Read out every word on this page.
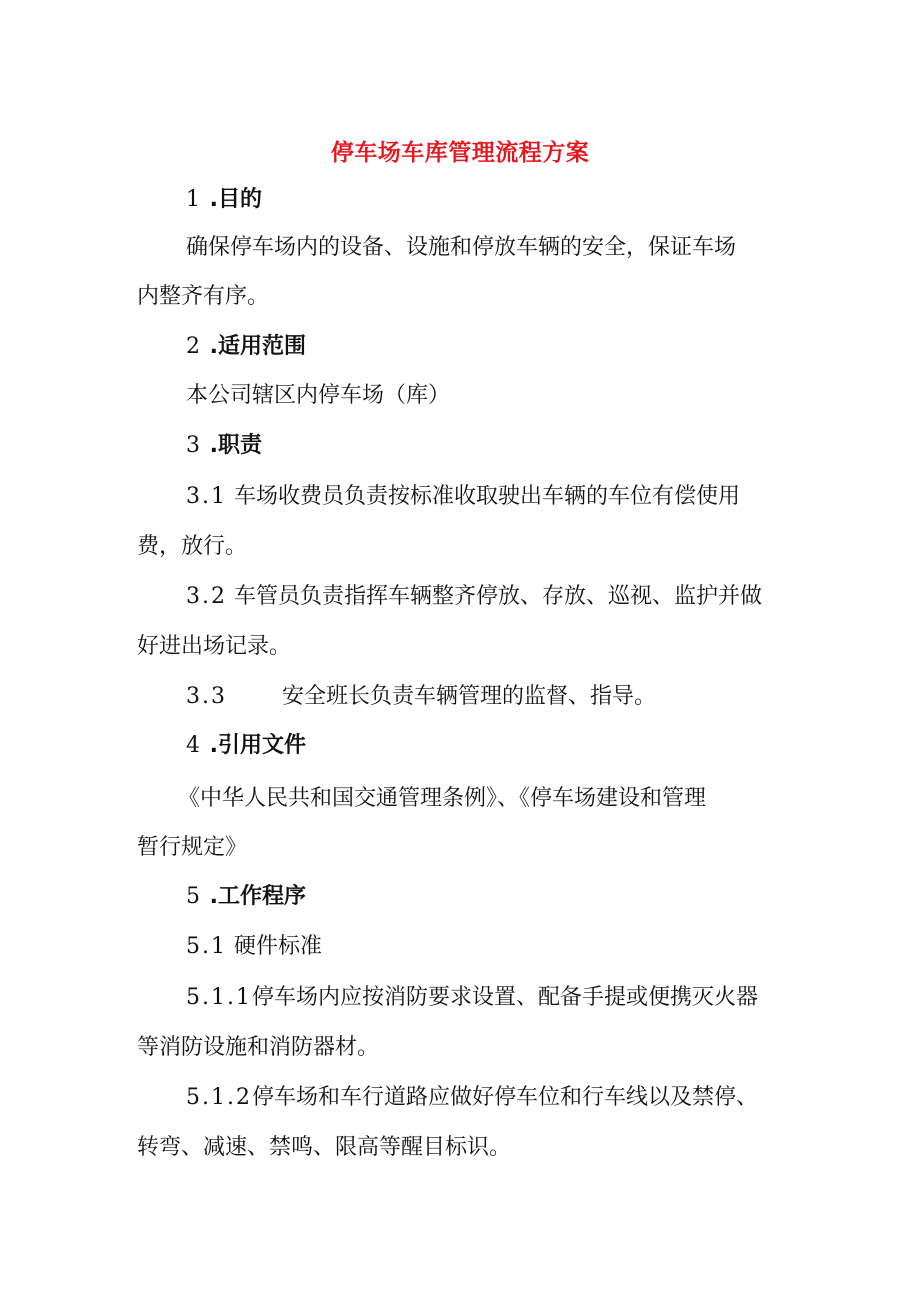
停车场车库管理流程方案
1 .目的
确保停车场内的设备、设施和停放车辆的安全，保证车场
内整齐有序。
2 .适用范围
本公司辖区内停车场（库）
3 .职责
3.1 车场收费员负责按标准收取驶出车辆的车位有偿使用
费，放行。
3.2 车管员负责指挥车辆整齐停放、存放、巡视、监护并做
好进出场记录。
3.3	安全班长负责车辆管理的监督、指导。
4 .引用文件
《中华人民共和国交通管理条例》、《停车场建设和管理
暂行规定》
5 .工作程序
5.1 硬件标准
5.1.1停车场内应按消防要求设置、配备手提或便携灭火器
等消防设施和消防器材。
5.1.2停车场和车行道路应做好停车位和行车线以及禁停、
转弯、减速、禁鸣、限高等醒目标识。
